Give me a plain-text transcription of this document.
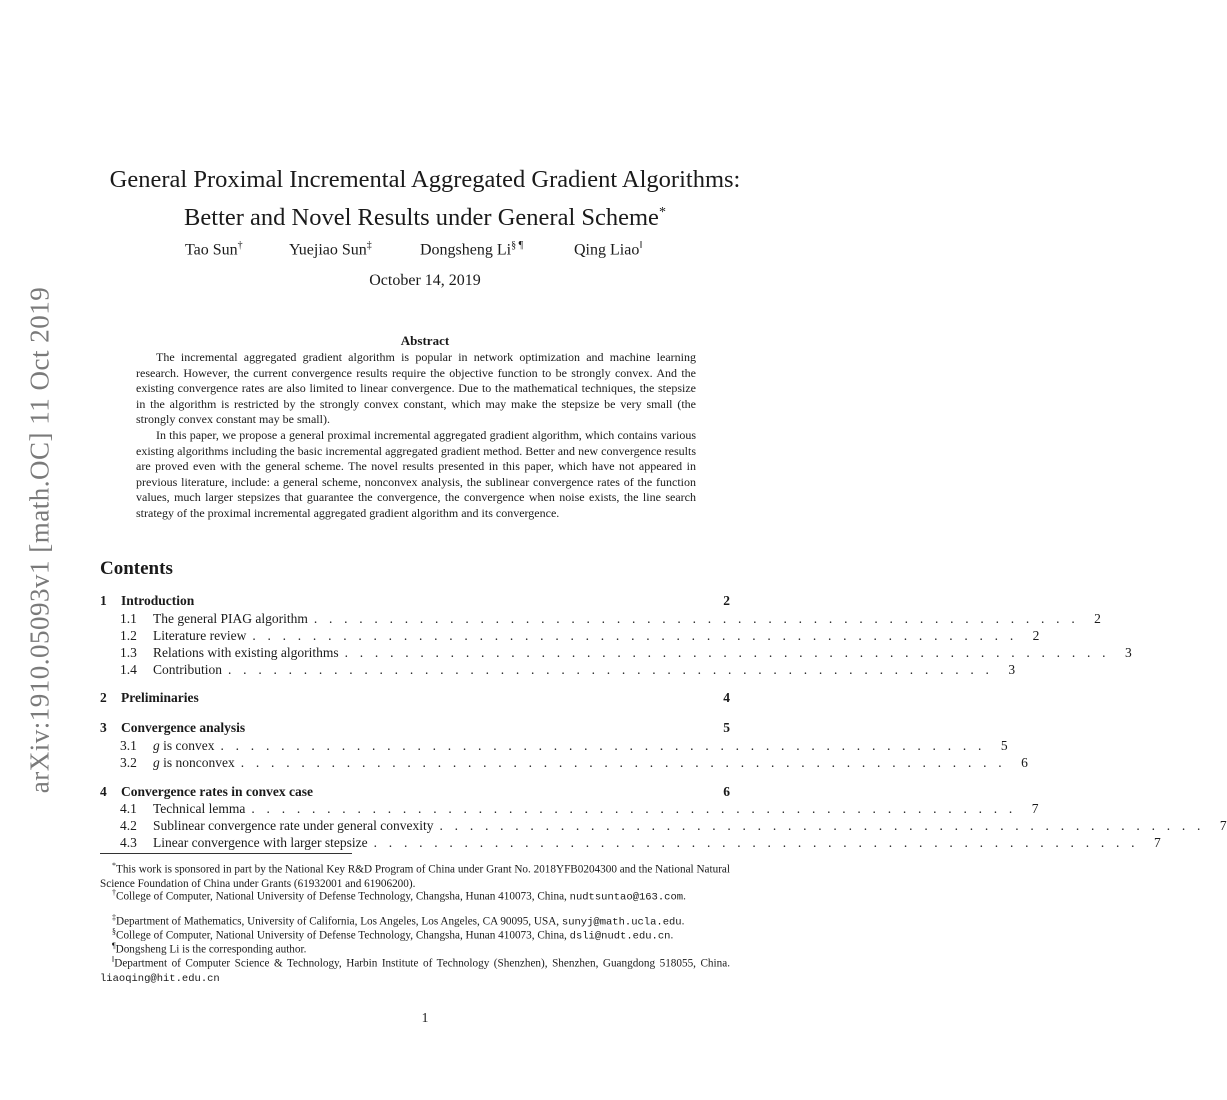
arXiv:1910.05093v1 [math.OC] 11 Oct 2019
General Proximal Incremental Aggregated Gradient Algorithms:
Better and Novel Results under General Scheme*
Tao Sun†	Yuejiao Sun‡	Dongsheng Li§ ¶	Qing Liao‖
October 14, 2019
Abstract

The incremental aggregated gradient algorithm is popular in network optimization and machine learning research. However, the current convergence results require the objective function to be strongly convex. And the existing convergence rates are also limited to linear convergence. Due to the mathematical techniques, the stepsize in the algorithm is restricted by the strongly convex constant, which may make the stepsize be very small (the strongly convex constant may be small).

In this paper, we propose a general proximal incremental aggregated gradient algorithm, which contains various existing algorithms including the basic incremental aggregated gradient method. Better and new convergence results are proved even with the general scheme. The novel results presented in this paper, which have not appeared in previous literature, include: a general scheme, nonconvex analysis, the sublinear convergence rates of the function values, much larger stepsizes that guarantee the convergence, the convergence when noise exists, the line search strategy of the proximal incremental aggregated gradient algorithm and its convergence.

Contents
1 Introduction	2
1.1 The general PIAG algorithm . . . . . . . . . . . . . . . . . . . . . . . . . . . . . . . . . . . . . . . . . . . . . . . . . . .	2
1.2 Literature review . . . . . . . . . . . . . . . . . . . . . . . . . . . . . . . . . . . . . . . . . . . . . . . . . . .	2
1.3 Relations with existing algorithms . . . . . . . . . . . . . . . . . . . . . . . . . . . . . . . . . . . . . . . . . . . . . . . . . . .	3
1.4 Contribution . . . . . . . . . . . . . . . . . . . . . . . . . . . . . . . . . . . . . . . . . . . . . . . . . . .	3
2 Preliminaries	4
3 Convergence analysis	5
3.1 g is convex . . . . . . . . . . . . . . . . . . . . . . . . . . . . . . . . . . . . . . . . . . . . . . . . . . .	5
3.2 g is nonconvex . . . . . . . . . . . . . . . . . . . . . . . . . . . . . . . . . . . . . . . . . . . . . . . . . . .	6
4 Convergence rates in convex case	6
4.1 Technical lemma . . . . . . . . . . . . . . . . . . . . . . . . . . . . . . . . . . . . . . . . . . . . . . . . . . .	7
4.2 Sublinear convergence rate under general convexity . . . . . . . . . . . . . . . . . . . . . . . . . . . . . . . . . . . . . . . . . . . . . . . . . . .	7
4.3 Linear convergence with larger stepsize . . . . . . . . . . . . . . . . . . . . . . . . . . . . . . . . . . . . . . . . . . . . . . . . . . .	7

*This work is sponsored in part by the National Key R&D Program of China under Grant No. 2018YFB0204300 and the National Natural Science Foundation of China under Grants (61932001 and 61906200).

†College of Computer, National University of Defense Technology, Changsha, Hunan 410073, China, nudtsuntao@163.com.

‡Department of Mathematics, University of California, Los Angeles, Los Angeles, CA 90095, USA, sunyj@math.ucla.edu.

§College of Computer, National University of Defense Technology, Changsha, Hunan 410073, China, dsli@nudt.edu.cn.

¶Dongsheng Li is the corresponding author.

‖Department of Computer Science & Technology, Harbin Institute of Technology (Shenzhen), Shenzhen, Guangdong 518055, China. liaoqing@hit.edu.cn

1
